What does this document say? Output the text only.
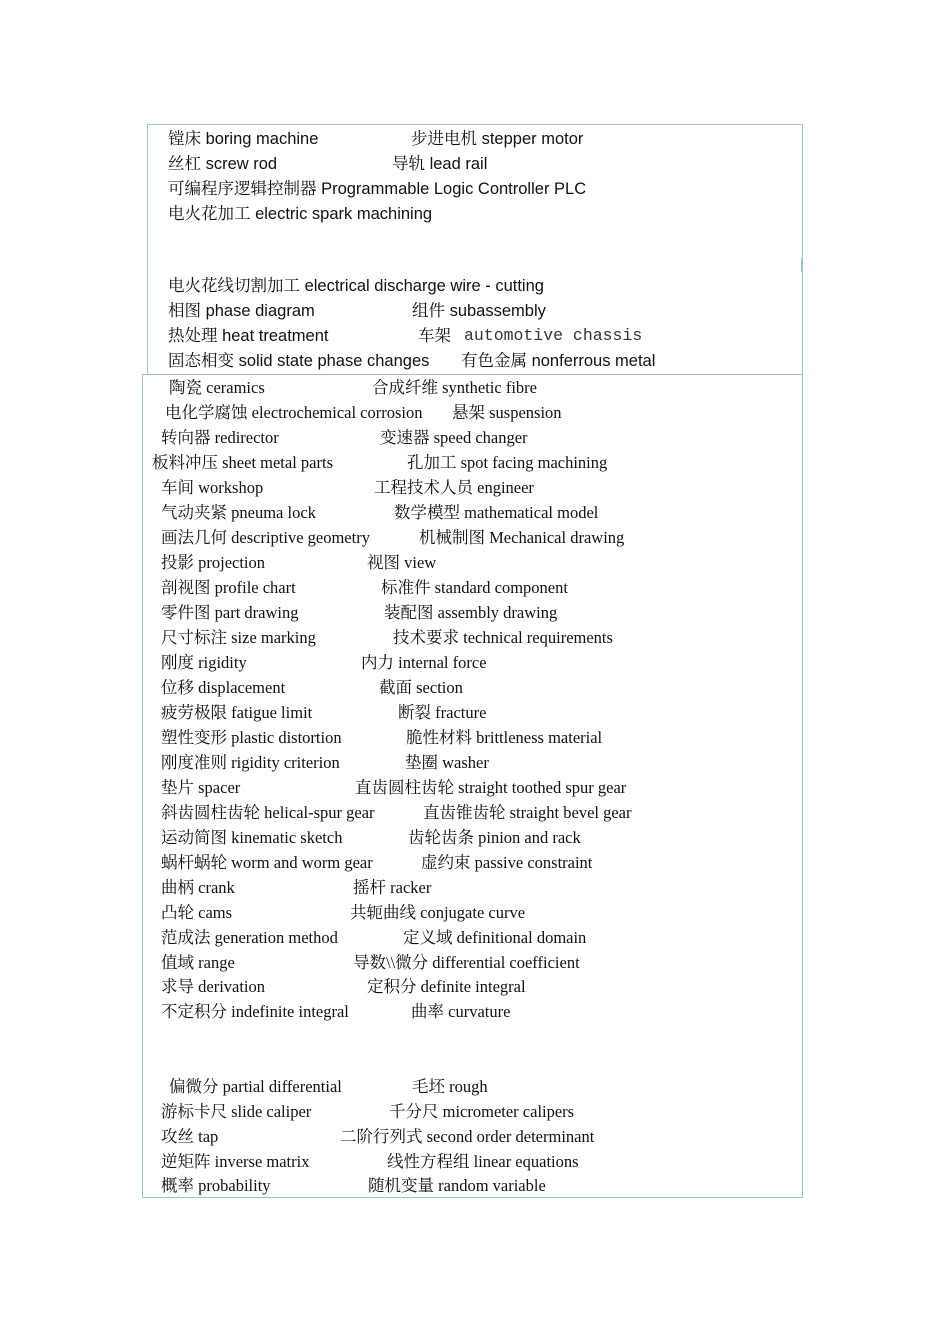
镗床 boring machine	步进电机 stepper motor
丝杠 screw rod	导轨 lead rail
可编程序逻辑控制器 Programmable Logic Controller PLC
电火花加工 electric spark machining
电火花线切割加工 electrical discharge wire - cutting
相图 phase diagram	组件 subassembly
热处理 heat treatment	车架 automotive chassis
固态相变 solid state phase changes 有色金属 nonferrous metal
陶瓷 ceramics	合成纤维 synthetic fibre
电化学腐蚀 electrochemical corrosion 悬架 suspension
转向器 redirector	变速器 speed changer
板料冲压 sheet metal parts	孔加工 spot facing machining
车间 workshop	工程技术人员 engineer
气动夹紧 pneuma lock	数学模型 mathematical model
画法几何 descriptive geometry	机械制图 Mechanical drawing
投影 projection	视图 view
剖视图 profile chart	标准件 standard component
零件图 part drawing	装配图 assembly drawing
尺寸标注 size marking	技术要求 technical requirements
刚度 rigidity	内力 internal force
位移 displacement	截面 section
疲劳极限 fatigue limit	断裂 fracture
塑性变形 plastic distortion	脆性材料 brittleness material
刚度准则 rigidity criterion	垫圈 washer
垫片 spacer	直齿圆柱齿轮 straight toothed spur gear
斜齿圆柱齿轮 helical-spur gear	直齿锥齿轮 straight bevel gear
运动简图 kinematic sketch	齿轮齿条 pinion and rack
蜗杆蜗轮 worm and worm gear	虚约束 passive constraint
曲柄 crank	摇杆 racker
凸轮 cams	共轭曲线 conjugate curve
范成法 generation method	定义域 definitional domain
值域 range	导数\\微分 differential coefficient
求导 derivation	定积分 definite integral
不定积分 indefinite integral	曲率 curvature
偏微分 partial differential	毛坯 rough
游标卡尺 slide caliper	千分尺 micrometer calipers
攻丝 tap	二阶行列式 second order determinant
逆矩阵 inverse matrix	线性方程组 linear equations
概率 probability	随机变量 random variable
